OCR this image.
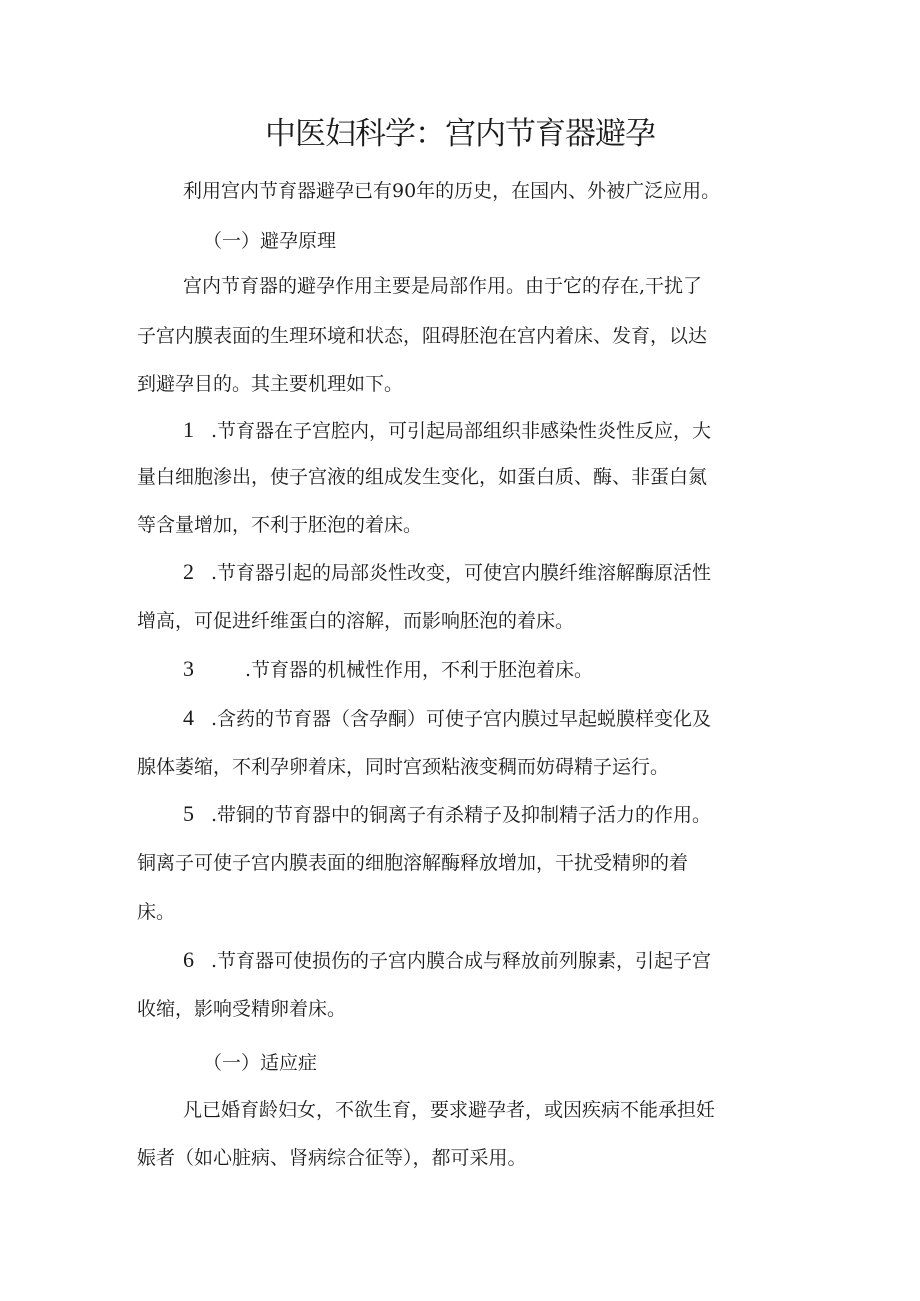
中医妇科学：宫内节育器避孕
利用宫内节育器避孕已有90年的历史，在国内、外被广泛应用。
（一）避孕原理
宫内节育器的避孕作用主要是局部作用。由于它的存在,干扰了
子宫内膜表面的生理环境和状态，阻碍胚泡在宫内着床、发育，以达
到避孕目的。其主要机理如下。
1 .节育器在子宫腔内，可引起局部组织非感染性炎性反应，大
量白细胞渗出，使子宫液的组成发生变化，如蛋白质、酶、非蛋白氮
等含量增加，不利于胚泡的着床。
2 .节育器引起的局部炎性改变，可使宫内膜纤维溶解酶原活性
增高，可促进纤维蛋白的溶解，而影响胚泡的着床。
3	.节育器的机械性作用，不利于胚泡着床。
4 .含药的节育器（含孕酮）可使子宫内膜过早起蜕膜样变化及
腺体萎缩，不利孕卵着床，同时宫颈粘液变稠而妨碍精子运行。
5 .带铜的节育器中的铜离子有杀精子及抑制精子活力的作用。
铜离子可使子宫内膜表面的细胞溶解酶释放增加，干扰受精卵的着
床。
6 .节育器可使损伤的子宫内膜合成与释放前列腺素，引起子宫
收缩，影响受精卵着床。
（一）适应症
凡已婚育龄妇女，不欲生育，要求避孕者，或因疾病不能承担妊
娠者（如心脏病、肾病综合征等），都可采用。
